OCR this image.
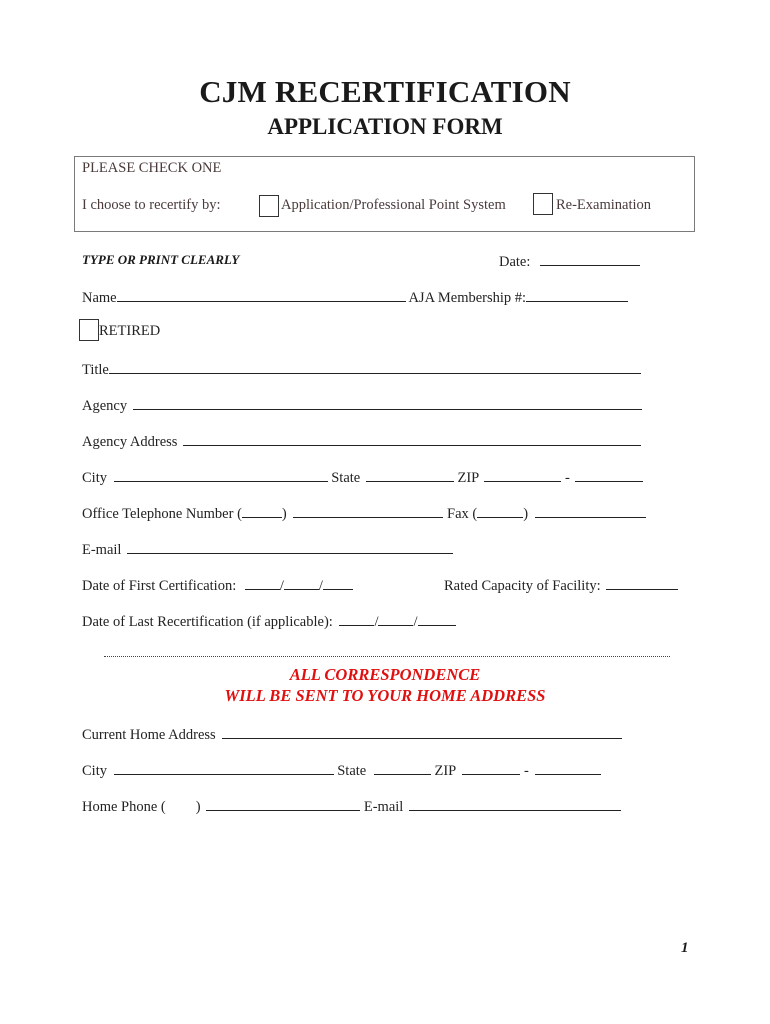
CJM RECERTIFICATION
APPLICATION FORM
PLEASE CHECK ONE
I choose to recertify by:	Application/Professional Point System	Re-Examination
TYPE OR PRINT CLEARLY	Date:
Name	AJA Membership #:
RETIRED
Title
Agency
Agency Address
City	State	ZIP	-
Office Telephone Number (	)	Fax (	)
E-mail
Date of First Certification:	/ /	Rated Capacity of Facility:
Date of Last Recertification (if applicable):	/ /
ALL CORRESPONDENCE
WILL BE SENT TO YOUR HOME ADDRESS
Current Home Address
City	State	ZIP	-
Home Phone ( )	E-mail
1
